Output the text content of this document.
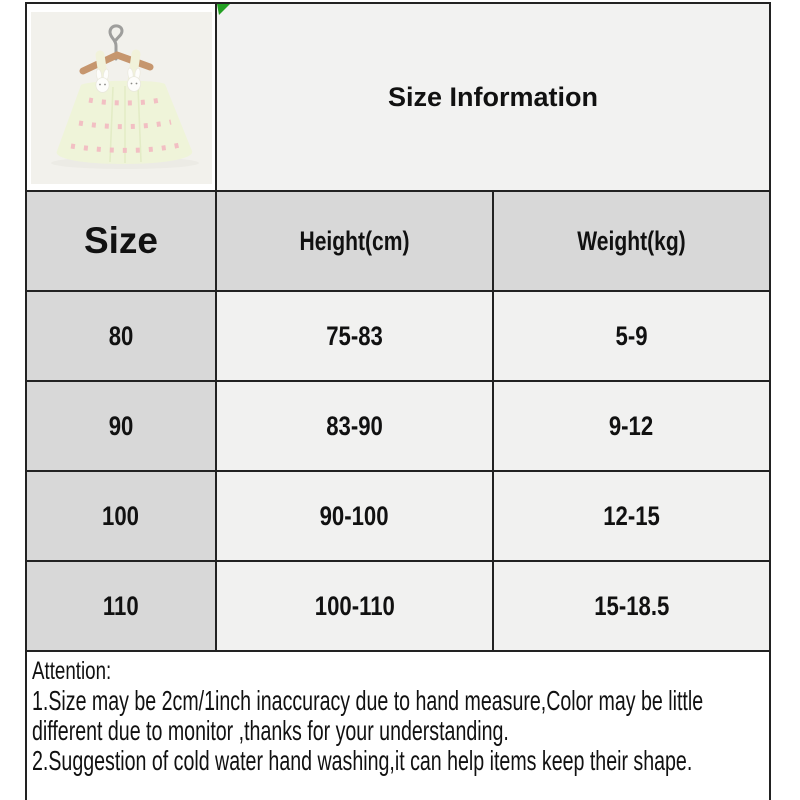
Size Information
Size	Height(cm)	Weight(kg)
80	75-83	5-9
90	83-90	9-12
100	90-100	12-15
110	100-110	15-18.5
Attention:
1.Size may be 2cm/1inch inaccuracy due to hand measure,Color may be little
different due to monitor ,thanks for your understanding.
2.Suggestion of cold water hand washing,it can help items keep their shape.
